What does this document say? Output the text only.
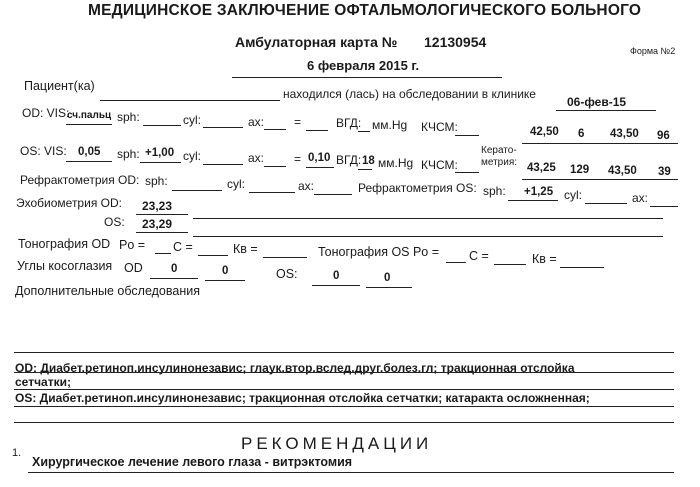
МЕДИЦИНСКОЕ ЗАКЛЮЧЕНИЕ ОФТАЛЬМОЛОГИЧЕСКОГО БОЛЬНОГО
Амбулаторная карта № 12130954
Форма №2
6 февраля 2015 г.
Пациент(ка)
находился (лась) на обследовании в клинике
06-фев-15
OD: VIS:
сч.пальц sph:	cyl:	ax: =	ВГД: мм.Hg КЧСМ:	42,50 6 43,50 96
OS: VIS: 0,05 sph: +1,00 cyl:	ax: = 0,10 ВГД: 18 мм.Hg КЧСМ:
Керато-
метрия: 43,25 129 43,50 39
Рефрактометрия OD: sph:	cyl:	ax:	Рефрактометрия OS: sph: +1,25 cyl:	ax:
Эхобиометрия OD: 23,23
OS: 23,29
Тонография OD Po = C =	Кв =	Тонография OS Po = C =	Кв =
Углы косоглазия OD 0	0	OS:	0	0
Дополнительные обследования
OD: Диабет.ретиноп.инсулинонезавис; глаук.втор.вслед.друг.болез.гл; тракционная отслойка
сетчатки;
OS: Диабет.ретиноп.инсулинонезавис; тракционная отслойка сетчатки; катаракта осложненная;
РЕКОМЕНДАЦИИ
1.
Хирургическое лечение левого глаза - витрэктомия
